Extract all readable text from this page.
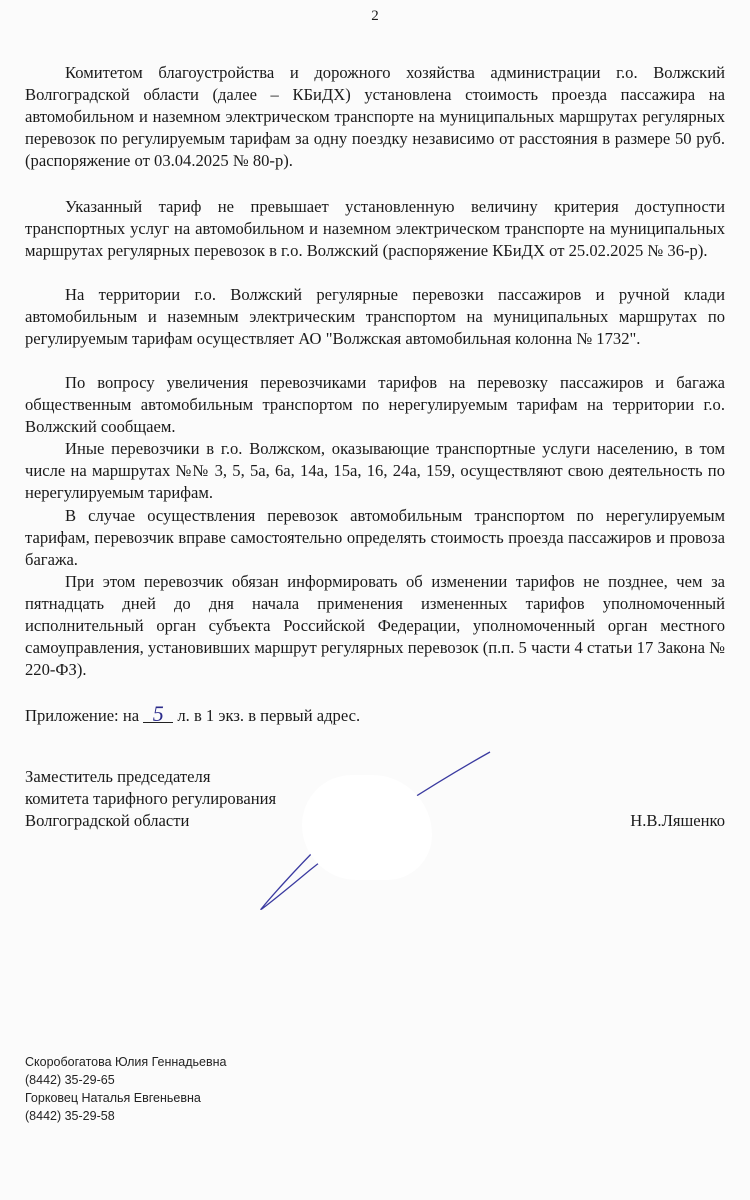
2

Комитетом благоустройства и дорожного хозяйства администрации г.о. Волжский Волгоградской области (далее – КБиДХ) установлена стоимость проезда пассажира на автомобильном и наземном электрическом транспорте на муниципальных маршрутах регулярных перевозок по регулируемым тарифам за одну поездку независимо от расстояния в размере 50 руб. (распоряжение от 03.04.2025 № 80-р).

Указанный тариф не превышает установленную величину критерия доступности транспортных услуг на автомобильном и наземном электрическом транспорте на муниципальных маршрутах регулярных перевозок в г.о. Волжский (распоряжение КБиДХ от 25.02.2025 № 36-р).

На территории г.о. Волжский регулярные перевозки пассажиров и ручной клади автомобильным и наземным электрическим транспортом на муниципальных маршрутах по регулируемым тарифам осуществляет АО "Волжская автомобильная колонна № 1732".

По вопросу увеличения перевозчиками тарифов на перевозку пассажиров и багажа общественным автомобильным транспортом по нерегулируемым тарифам на территории г.о. Волжский сообщаем.

Иные перевозчики в г.о. Волжском, оказывающие транспортные услуги населению, в том числе на маршрутах №№ 3, 5, 5а, 6а, 14а, 15а, 16, 24а, 159, осуществляют свою деятельность по нерегулируемым тарифам.

В случае осуществления перевозок автомобильным транспортом по нерегулируемым тарифам, перевозчик вправе самостоятельно определять стоимость проезда пассажиров и провоза багажа.

При этом перевозчик обязан информировать об изменении тарифов не позднее, чем за пятнадцать дней до дня начала применения измененных тарифов уполномоченный исполнительный орган субъекта Российской Федерации, уполномоченный орган местного самоуправления, установивших маршрут регулярных перевозок (п.п. 5 части 4 статьи 17 Закона № 220-ФЗ).

Приложение: на 5 л. в 1 экз. в первый адрес.

Заместитель председателя
комитета тарифного регулирования
Волгоградской области	Н.В.Ляшенко
Скоробогатова Юлия Геннадьевна
(8442) 35-29-65
Горковец Наталья Евгеньевна
(8442) 35-29-58
